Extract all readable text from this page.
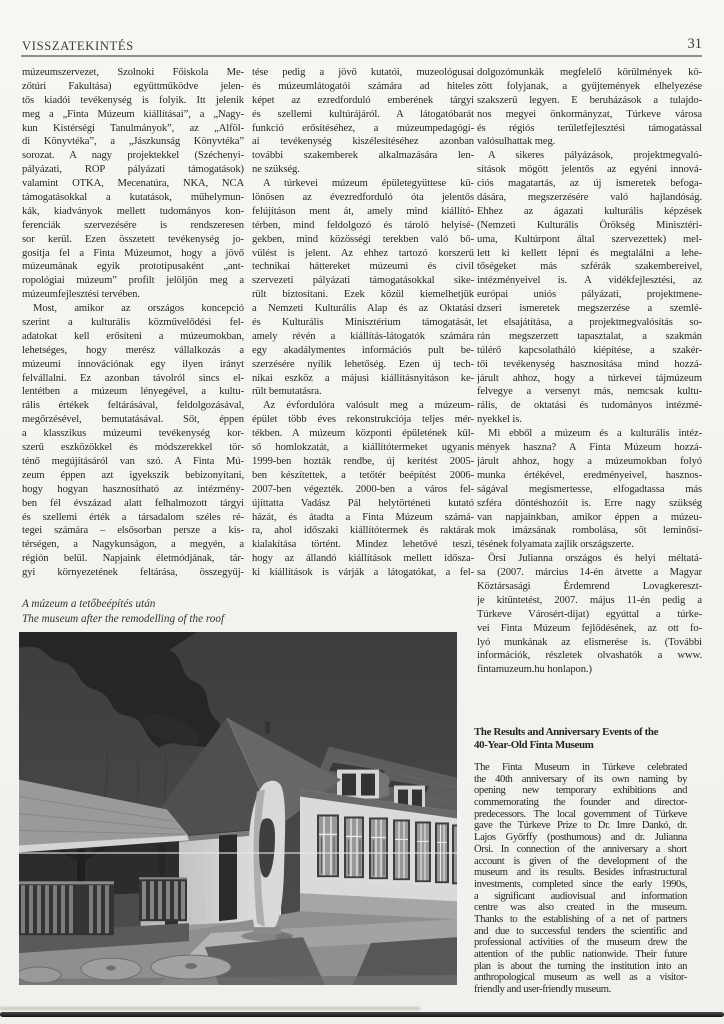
VISSZATEKINTÉS	31
múzeumszervezet, Szolnoki Főiskola Me-
zőtúri Fakultása) együttműködve jelen-
tős kiadói tevékenység is folyik. Itt jelenik
meg a „Finta Múzeum kiállításai”, a „Nagy-
kun Kistérségi Tanulmányok”, az „Alföl-
di Könyvtéka”, a „Jászkunság Könyvtéka”
sorozat. A nagy projektekkel (Széchenyi-
pályázati, ROP pályázati támogatások)
valamint OTKA, Mecenatúra, NKA, NCA
támogatásokkal a kutatások, műhelymun-
kák, kiadványok mellett tudományos kon-
ferenciák szervezésére is rendszeresen
sor kerül. Ezen összetett tevékenység jo-
gosítja fel a Finta Múzeumot, hogy a jövő
múzeumának egyik prototípusaként „ant-
ropológiai múzeum” profilt jelöljön meg a
múzeumfejlesztési tervében.
Most, amikor az országos koncepció
szerint a kulturális közművelődési fel-
adatokat kell erősíteni a múzeumokban,
lehetséges, hogy merész vállalkozás a
múzeumi innovációnak egy ilyen irányt
felvállalni. Ez azonban távolról sincs el-
lentétben a múzeum lényegével, a kultu-
rális értékek feltárásával, feldolgozásával,
megőrzésével, bemutatásával. Sőt, éppen
a klasszikus múzeumi tevékenység kor-
szerű eszközökkel és módszerekkel tör-
ténő megújításáról van szó. A Finta Mú-
zeum éppen azt igyekszik bebizonyítani,
hogy hogyan hasznosítható az intézmény-
ben fél évszázad alatt felhalmozott tárgyi
és szellemi érték a társadalom széles ré-
tegei számára – elsősorban persze a kis-
térségen, a Nagykunságon, a megyén, a
régión belül. Napjaink életmódjának, tár-
gyi környezetének feltárása, összegyűj-
tése pedig a jövő kutatói, muzeológusai
és múzeumlátogatói számára ad hiteles
képet az ezredforduló emberének tárgyi
és szellemi kultúrájáról. A látogatóbarát
funkció erősítéséhez, a múzeumpedagógi-
ai tevékenység kiszélesítéséhez azonban
további szakemberek alkalmazására len-
ne szükség.
A túrkevei múzeum épületegyüttese kü-
lönösen az évezredforduló óta jelentős
felújításon ment át, amely mind kiállító-
térben, mind feldolgozó és tároló helyisé-
gekben, mind közösségi terekben való bő-
vülést is jelent. Az ehhez tartozó korszerű
technikai háttereket múzeumi és civil
szervezeti pályázati támogatásokkal sike-
rült biztosítani. Ezek közül kiemelhetjük
a Nemzeti Kulturális Alap és az Oktatási
és Kulturális Minisztérium támogatását,
amely révén a kiállítás-látogatók számára
egy akadálymentes információs pult be-
szerzésére nyílik lehetőség. Ezen új tech-
nikai eszköz a májusi kiállításnyitáson ke-
rült bemutatásra.
Az évfordulóra valósult meg a múzeum-
épület több éves rekonstrukciója teljes mér-
tékben. A múzeum központi épületének kül-
ső homlokzatát, a kiállítótermeket ugyanis
1999-ben hozták rendbe, új kerítést 2005-
ben készítettek, a tetőtér beépítést 2006-
2007-ben végezték. 2000-ben a város fel-
újíttatta Vadász Pál helytörténeti kutató
házát, és átadta a Finta Múzeum számá-
ra, ahol időszaki kiállítótermek és raktárak
kialakítása történt. Mindez lehetővé teszi,
hogy az állandó kiállítások mellett idősza-
ki kiállítások is várják a látogatókat, a fel-
dolgozómunkák megfelelő körülmények kö-
zött folyjanak, a gyűjtemények elhelyezése
szakszerű legyen. E beruházások a tulajdo-
nos megyei önkormányzat, Túrkeve városa
és régiós területfejlesztési támogatással
valósulhattak meg.
A sikeres pályázások, projektmegvaló-
sítások mögött jelentős az egyéni innová-
ciós magatartás, az új ismeretek befoga-
dására, megszerzésére való hajlandóság.
Ehhez az ágazati kulturális képzések
(Nemzeti Kulturális Örökség Minisztéri-
uma, Kultúrpont által szervezettek) mel-
lett ki kellett lépni és megtalálni a lehe-
tőségeket más szférák szakembereivel,
intézményeivel is. A vidékfejlesztési, az
európai uniós pályázati, projektmene-
dzseri ismeretek megszerzése a szemlé-
let elsajátítása, a projektmegvalósítás so-
rán megszerzett tapasztalat, a szakmán
túlérő kapcsolatháló kiépítése, a szakér-
tői tevékenység hasznosítása mind hozzá-
járult ahhoz, hogy a túrkevei tájmúzeum
felvegye a versenyt más, nemcsak kultu-
rális, de oktatási és tudományos intézmé-
nyekkel is.
Mi ebből a múzeum és a kulturális intéz-
mények haszna? A Finta Múzeum hozzá-
járult ahhoz, hogy a múzeumokban folyó
munka értékével, eredményeivel, hasznos-
ságával megismertesse, elfogadtassa más
szféra döntéshozóit is. Erre nagy szükség
van napjainkban, amikor éppen a múzeu-
mok imázsának rombolása, sőt leminősí-
tésének folyamata zajlik országszerte.
Örsi Julianna országos és helyi méltatá-
sa (2007. március 14-én átvette a Magyar
Köztársasági Érdemrend Lovagkereszt-
je kitüntetést, 2007. május 11-én pedig a
Túrkeve Városért-díjat) egyúttal a túrke-
vei Finta Múzeum fejlődésének, az ott fo-
lyó munkának az elismerése is. (További
információk, részletek olvashatók a www.
fintamuzeum.hu honlapon.)
A múzeum a tetőbeépítés után
The museum after the remodelling of the roof
The Results and Anniversary Events of the
40-Year-Old Finta Museum
The Finta Museum in Túrkeve celebrated
the 40th anniversary of its own naming by
opening new temporary exhibitions and
commemorating the founder and director-
predecessors. The local government of Túrkeve
gave the Túrkeve Prize to Dr. Imre Dankó, dr.
Lajos Győrffy (posthumous) and dr. Julianna
Örsi. In connection of the anniversary a short
account is given of the development of the
museum and its results. Besides infrastructural
investments, completed since the early 1990s,
a significant audiovisual and information
centre was also created in the museum.
Thanks to the establishing of a net of partners
and due to successful tenders the scientific and
professional activities of the museum drew the
attention of the public nationwide. Their future
plan is about the turning the institution into an
anthropological museum as well as a visitor-
friendly and user-friendly museum.
